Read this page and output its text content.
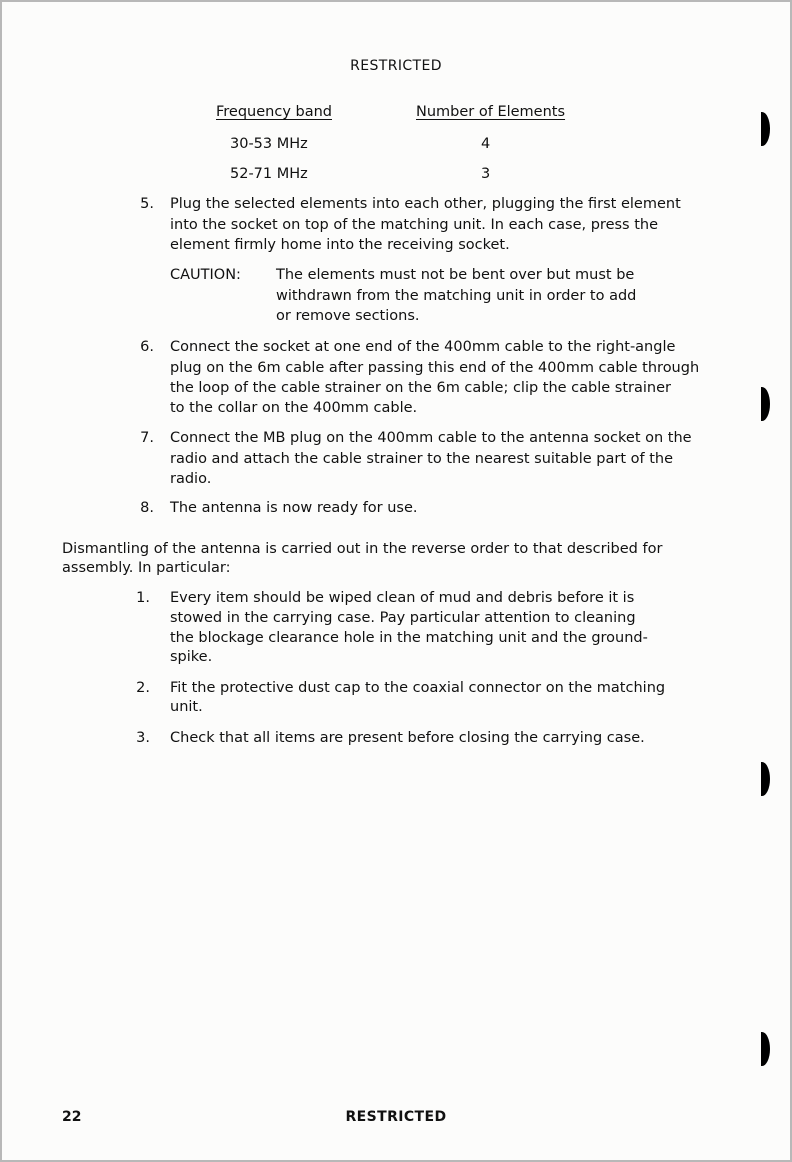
RESTRICTED
Frequency band	Number of Elements
30-53 MHz	4
52-71 MHz	3
5. Plug the selected elements into each other, plugging the first element
into the socket on top of the matching unit. In each case, press the
element firmly home into the receiving socket.
CAUTION: The elements must not be bent over but must be
withdrawn from the matching unit in order to add
or remove sections.
6. Connect the socket at one end of the 400mm cable to the right-angle
plug on the 6m cable after passing this end of the 400mm cable through
the loop of the cable strainer on the 6m cable; clip the cable strainer
to the collar on the 400mm cable.
7. Connect the MB plug on the 400mm cable to the antenna socket on the
radio and attach the cable strainer to the nearest suitable part of the
radio.
8. The antenna is now ready for use.
Dismantling of the antenna is carried out in the reverse order to that described for
assembly. In particular:
1. Every item should be wiped clean of mud and debris before it is
stowed in the carrying case. Pay particular attention to cleaning
the blockage clearance hole in the matching unit and the ground-
spike.
2. Fit the protective dust cap to the coaxial connector on the matching
unit.
3. Check that all items are present before closing the carrying case.
22	RESTRICTED
